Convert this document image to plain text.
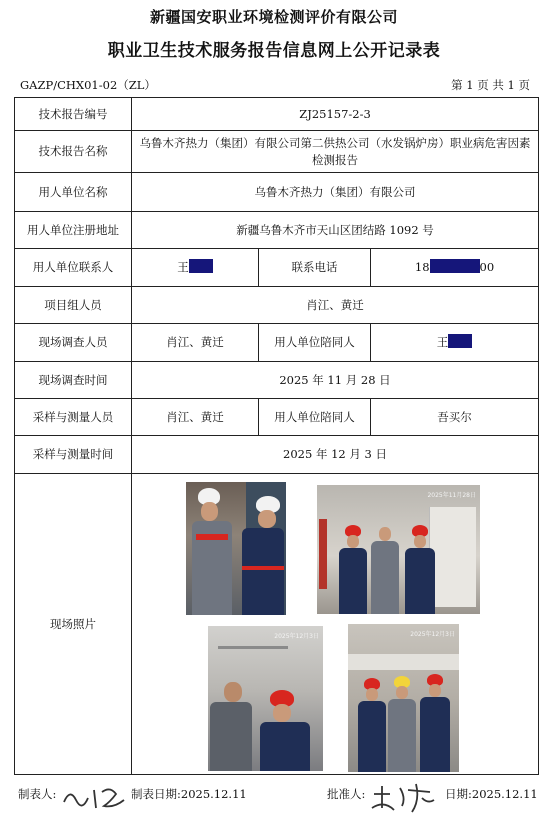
新疆国安职业环境检测评价有限公司
职业卫生技术服务报告信息网上公开记录表
GAZP/CHX01-02（ZL）	第 1 页 共 1 页
技术报告编号	ZJ25157-2-3		
技术报告名称	乌鲁木齐热力（集团）有限公司第二供热公司（水发锅炉房）职业病危害因素检测报告		
用人单位名称	乌鲁木齐热力（集团）有限公司		
用人单位注册地址	新疆乌鲁木齐市天山区团结路 1092 号		
用人单位联系人	王	联系电话	18 00
项目组人员	肖江、黄迁		
现场调查人员	肖江、黄迁	用人单位陪同人	王
现场调查时间	2025 年 11 月 28 日		
采样与测量人员	肖江、黄迁	用人单位陪同人	吾买尔
采样与测量时间	2025 年 12 月 3 日		
现场照片	2025年11月28日
2025年12月3日 2025年12月3日		
制表人:	制表日期:2025.12.11	批准人:	日期:2025.12.11
